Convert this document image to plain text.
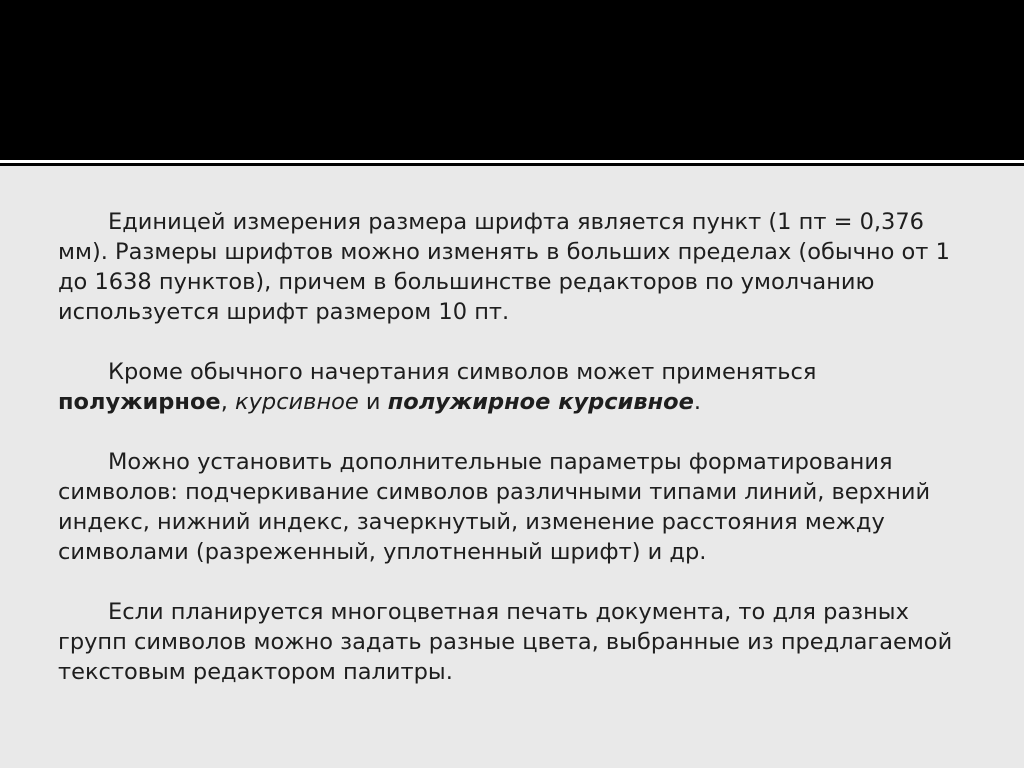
Единицей измерения размера шрифта является пункт (1 пт = 0,376 мм). Размеры шрифтов можно изменять в больших пределах (обычно от 1 до 1638 пунктов), причем в большинстве редакторов по умолчанию используется шрифт размером 10 пт.

Кроме обычного начертания символов может применяться полужирное, курсивное и полужирное курсивное.

Можно установить дополнительные параметры форматирования символов: подчеркивание символов различными типами линий, верхний индекс, нижний индекс, зачеркнутый, изменение расстояния между символами (разреженный, уплотненный шрифт) и др.

Если планируется многоцветная печать документа, то для разных групп символов можно задать разные цвета, выбранные из предлагаемой текстовым редактором палитры.
